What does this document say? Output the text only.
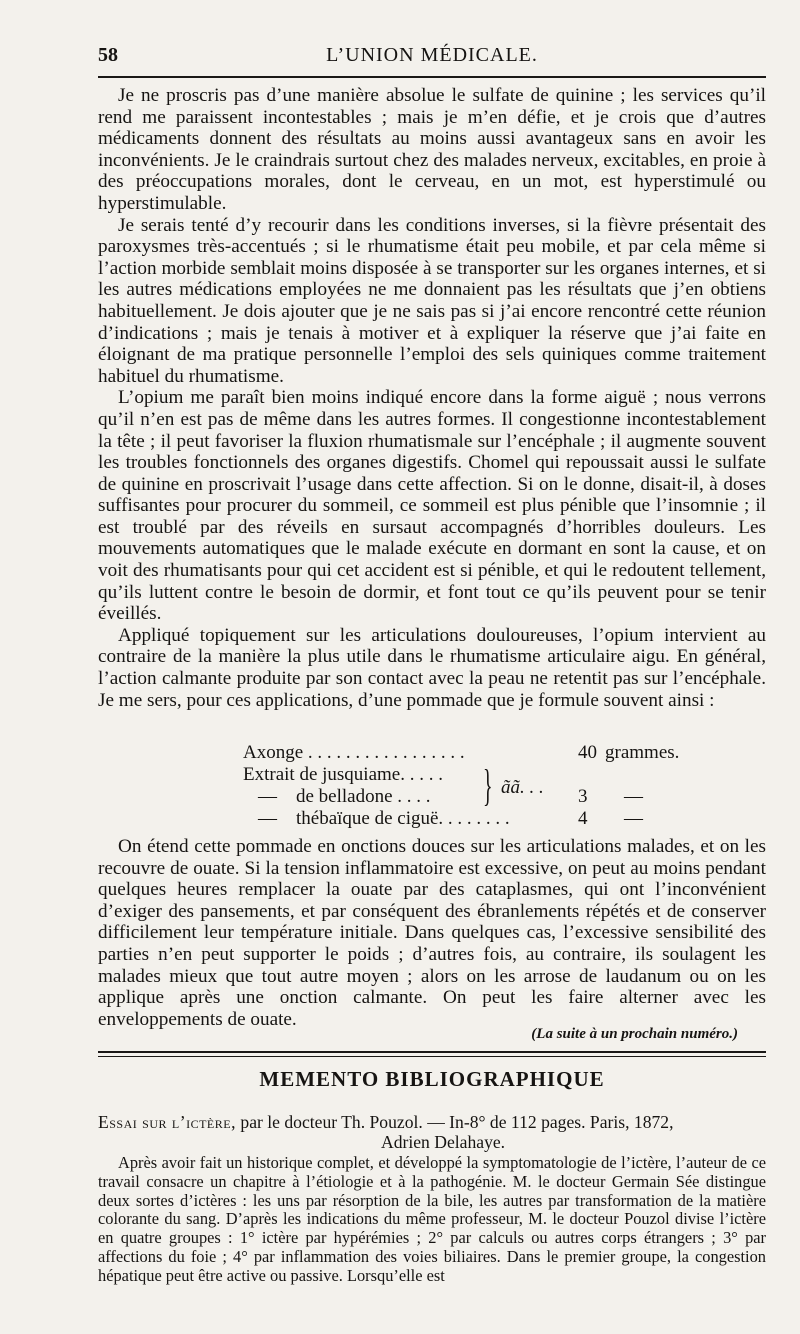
58	L’UNION MÉDICALE.

Je ne proscris pas d’une manière absolue le sulfate de quinine ; les services qu’il rend me paraissent incontestables ; mais je m’en défie, et je crois que d’autres médicaments donnent des résultats au moins aussi avantageux sans en avoir les inconvénients. Je le craindrais surtout chez des malades nerveux, excitables, en proie à des préoccupations morales, dont le cerveau, en un mot, est hyperstimulé ou hyperstimulable.

Je serais tenté d’y recourir dans les conditions inverses, si la fièvre présentait des paroxysmes très-accentués ; si le rhumatisme était peu mobile, et par cela même si l’action morbide semblait moins disposée à se transporter sur les organes internes, et si les autres médications employées ne me donnaient pas les résultats que j’en obtiens habituellement. Je dois ajouter que je ne sais pas si j’ai encore rencontré cette réunion d’indications ; mais je tenais à motiver et à expliquer la réserve que j’ai faite en éloignant de ma pratique personnelle l’emploi des sels quiniques comme traitement habituel du rhumatisme.

L’opium me paraît bien moins indiqué encore dans la forme aiguë ; nous verrons qu’il n’en est pas de même dans les autres formes. Il congestionne incontestablement la tête ; il peut favoriser la fluxion rhumatismale sur l’encéphale ; il augmente souvent les troubles fonctionnels des organes digestifs. Chomel qui repoussait aussi le sulfate de quinine en proscrivait l’usage dans cette affection. Si on le donne, disait-il, à doses suffisantes pour procurer du sommeil, ce sommeil est plus pénible que l’insomnie ; il est troublé par des réveils en sursaut accompagnés d’horribles douleurs. Les mouvements automatiques que le malade exécute en dormant en sont la cause, et on voit des rhumatisants pour qui cet accident est si pénible, et qui le redoutent tellement, qu’ils luttent contre le besoin de dormir, et font tout ce qu’ils peuvent pour se tenir éveillés.

Appliqué topiquement sur les articulations douloureuses, l’opium intervient au contraire de la manière la plus utile dans le rhumatisme articulaire aigu. En général, l’action calmante produite par son contact avec la peau ne retentit pas sur l’encéphale. Je me sers, pour ces applications, d’une pommade que je formule souvent ainsi :

Axonge . . . . . . . . . . . . . . . . .	40 grammes.
Extrait de jusquiame. . . . .
— de belladone . . . .	3 —
— thébaïque de ciguë. . . . . . . .	4 —
} ãã. . .

On étend cette pommade en onctions douces sur les articulations malades, et on les recouvre de ouate. Si la tension inflammatoire est excessive, on peut au moins pendant quelques heures remplacer la ouate par des cataplasmes, qui ont l’inconvénient d’exiger des pansements, et par conséquent des ébranlements répétés et de conserver difficilement leur température initiale. Dans quelques cas, l’excessive sensibilité des parties n’en peut supporter le poids ; d’autres fois, au contraire, ils soulagent les malades mieux que tout autre moyen ; alors on les arrose de laudanum ou on les applique après une onction calmante. On peut les faire alterner avec les enveloppements de ouate.

(La suite à un prochain numéro.)
MEMENTO BIBLIOGRAPHIQUE

Essai sur l’ictère, par le docteur Th. Pouzol. — In-8° de 112 pages. Paris, 1872,

Adrien Delahaye.

Après avoir fait un historique complet, et développé la symptomatologie de l’ictère, l’auteur de ce travail consacre un chapitre à l’étiologie et à la pathogénie. M. le docteur Germain Sée distingue deux sortes d’ictères : les uns par résorption de la bile, les autres par transformation de la matière colorante du sang. D’après les indications du même professeur, M. le docteur Pouzol divise l’ictère en quatre groupes : 1° ictère par hypérémies ; 2° par calculs ou autres corps étrangers ; 3° par affections du foie ; 4° par inflammation des voies biliaires. Dans le premier groupe, la congestion hépatique peut être active ou passive. Lorsqu’elle est
